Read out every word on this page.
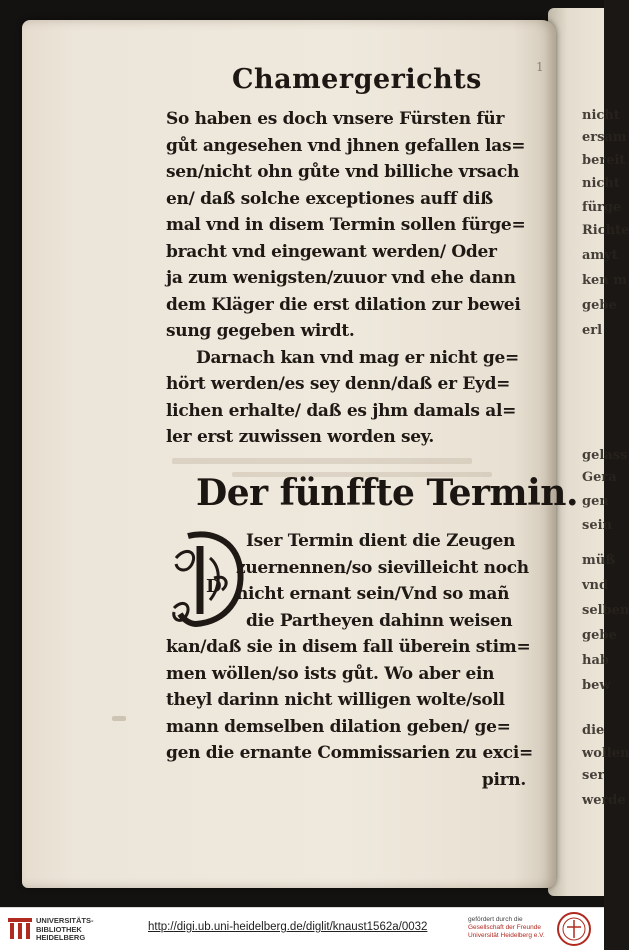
nicht
ersam
bereit
nicht
fürge
Richte
amyt
ken m
gebe
erl
gelass
Gera
gen
sein
müß
vnd
selben
gebe
hab
bew
die
wollen
ser
werde
1
Chamergerichts
So haben es doch vnsere Fürsten für
gůt angesehen vnd jhnen gefallen las=
sen/nicht ohn gůte vnd billiche vrsach
en/ daß solche exceptiones auff diß
mal vnd in disem Termin sollen fürge=
bracht vnd eingewant werden/ Oder
ja zum wenigsten/zuuor vnd ehe dann
dem Kläger die erst dilation zur bewei
sung gegeben wirdt.
Darnach kan vnd mag er nicht ge=
hört werden/es sey denn/daß er Eyd=
lichen erhalte/ daß es jhm damals al=
ler erst zuwissen worden sey.
Der fünffte Termin.
D
Iser Termin dient die Zeugen
zuernennen/so sievilleicht noch
nicht ernant sein/Vnd so mañ
die Partheyen dahinn weisen
kan/daß sie in disem fall überein stim=
men wöllen/so ists gůt. Wo aber ein
theyl darinn nicht willigen wolte/soll
mann demselben dilation geben/ ge=
gen die ernante Commissarien zu exci=
pirn.
UNIVERSITÄTS-
BIBLIOTHEK
HEIDELBERG
http://digi.ub.uni-heidelberg.de/diglit/knaust1562a/0032
gefördert durch die
Gesellschaft der Freunde
Universität Heidelberg e.V.
